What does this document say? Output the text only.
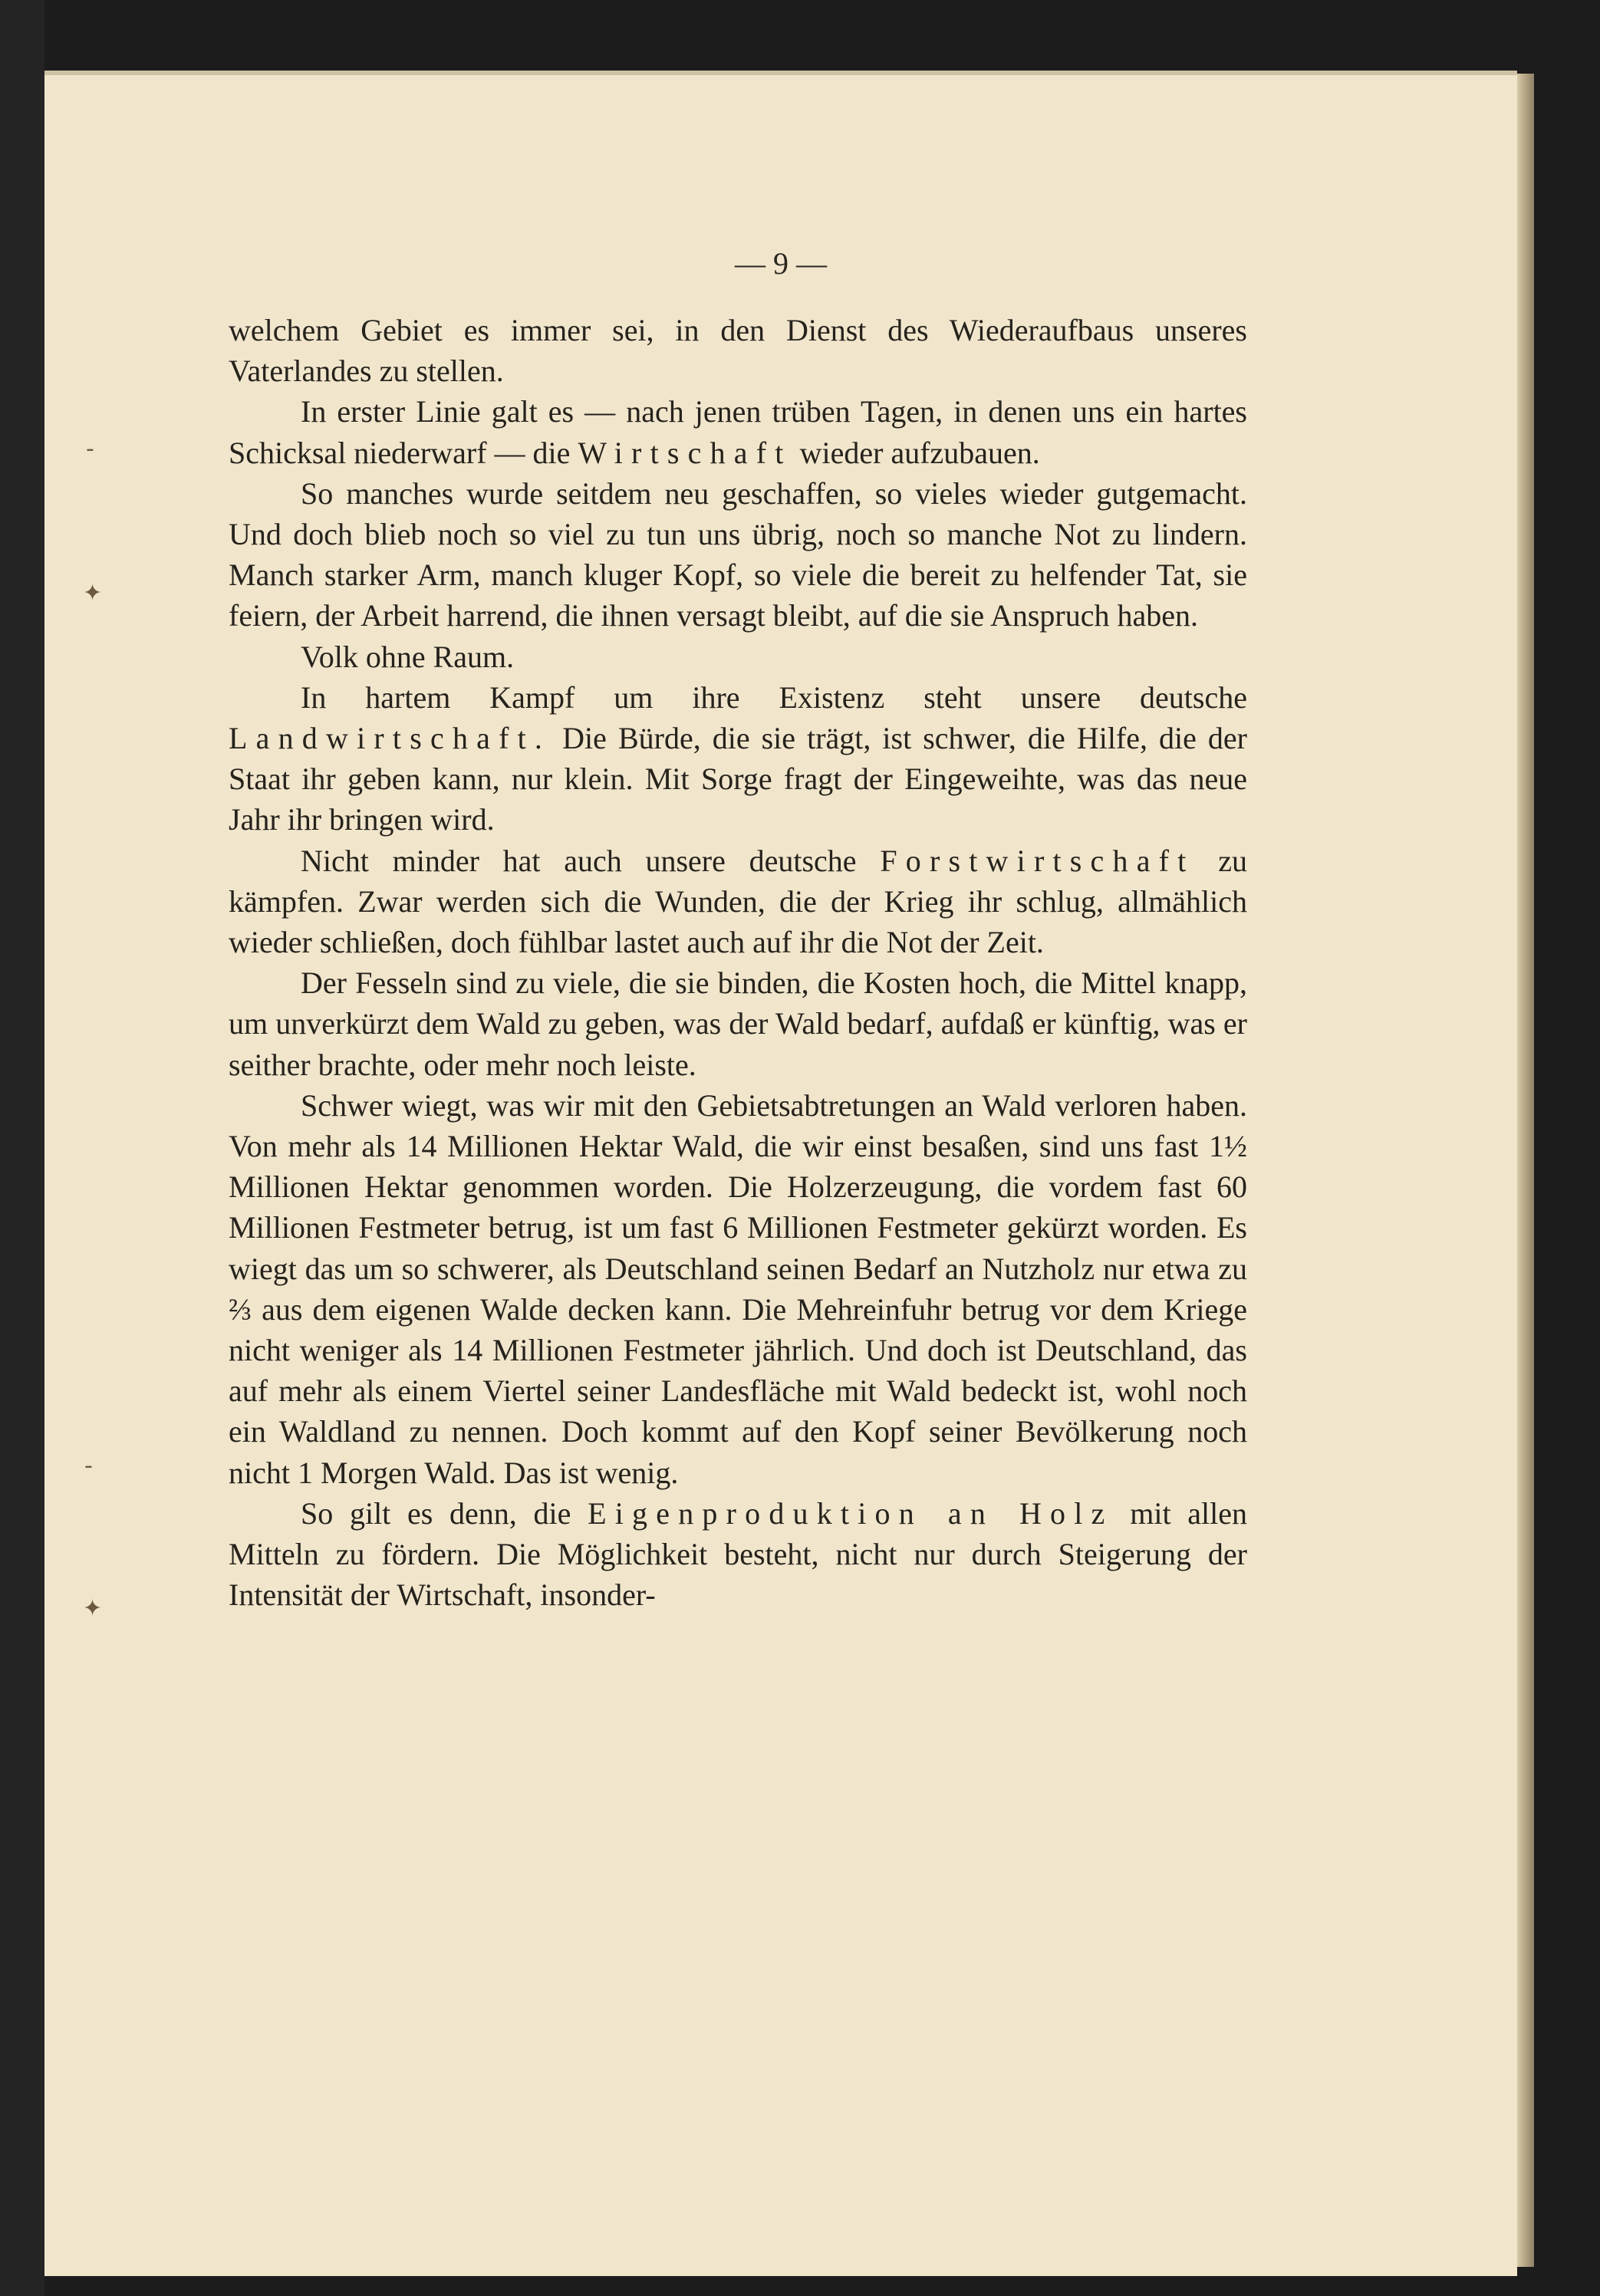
— 9 —
-
✦
-
✦

welchem Gebiet es immer sei, in den Dienst des Wiederaufbaus unseres Vaterlandes zu stellen.

In erster Linie galt es — nach jenen trüben Tagen, in denen uns ein hartes Schicksal niederwarf — die Wirtschaft wieder aufzubauen.

So manches wurde seitdem neu geschaffen, so vieles wieder gutgemacht. Und doch blieb noch so viel zu tun uns übrig, noch so manche Not zu lindern. Manch starker Arm, manch kluger Kopf, so viele die bereit zu helfender Tat, sie feiern, der Arbeit harrend, die ihnen versagt bleibt, auf die sie Anspruch haben.

Volk ohne Raum.

In hartem Kampf um ihre Existenz steht unsere deutsche Landwirtschaft. Die Bürde, die sie trägt, ist schwer, die Hilfe, die der Staat ihr geben kann, nur klein. Mit Sorge fragt der Eingeweihte, was das neue Jahr ihr bringen wird.

Nicht minder hat auch unsere deutsche Forstwirtschaft zu kämpfen. Zwar werden sich die Wunden, die der Krieg ihr schlug, allmählich wieder schließen, doch fühlbar lastet auch auf ihr die Not der Zeit.

Der Fesseln sind zu viele, die sie binden, die Kosten hoch, die Mittel knapp, um unverkürzt dem Wald zu geben, was der Wald bedarf, aufdaß er künftig, was er seither brachte, oder mehr noch leiste.

Schwer wiegt, was wir mit den Gebietsabtretungen an Wald verloren haben. Von mehr als 14 Millionen Hektar Wald, die wir einst besaßen, sind uns fast 1½ Millionen Hektar genommen worden. Die Holzerzeugung, die vordem fast 60 Millionen Festmeter betrug, ist um fast 6 Millionen Festmeter gekürzt worden. Es wiegt das um so schwerer, als Deutschland seinen Bedarf an Nutzholz nur etwa zu ⅔ aus dem eigenen Walde decken kann. Die Mehreinfuhr betrug vor dem Kriege nicht weniger als 14 Millionen Festmeter jährlich. Und doch ist Deutschland, das auf mehr als einem Viertel seiner Landesfläche mit Wald bedeckt ist, wohl noch ein Waldland zu nennen. Doch kommt auf den Kopf seiner Bevölkerung noch nicht 1 Morgen Wald. Das ist wenig.

So gilt es denn, die Eigenproduktion an Holz mit allen Mitteln zu fördern. Die Möglichkeit besteht, nicht nur durch Steigerung der Intensität der Wirtschaft, insonder-
